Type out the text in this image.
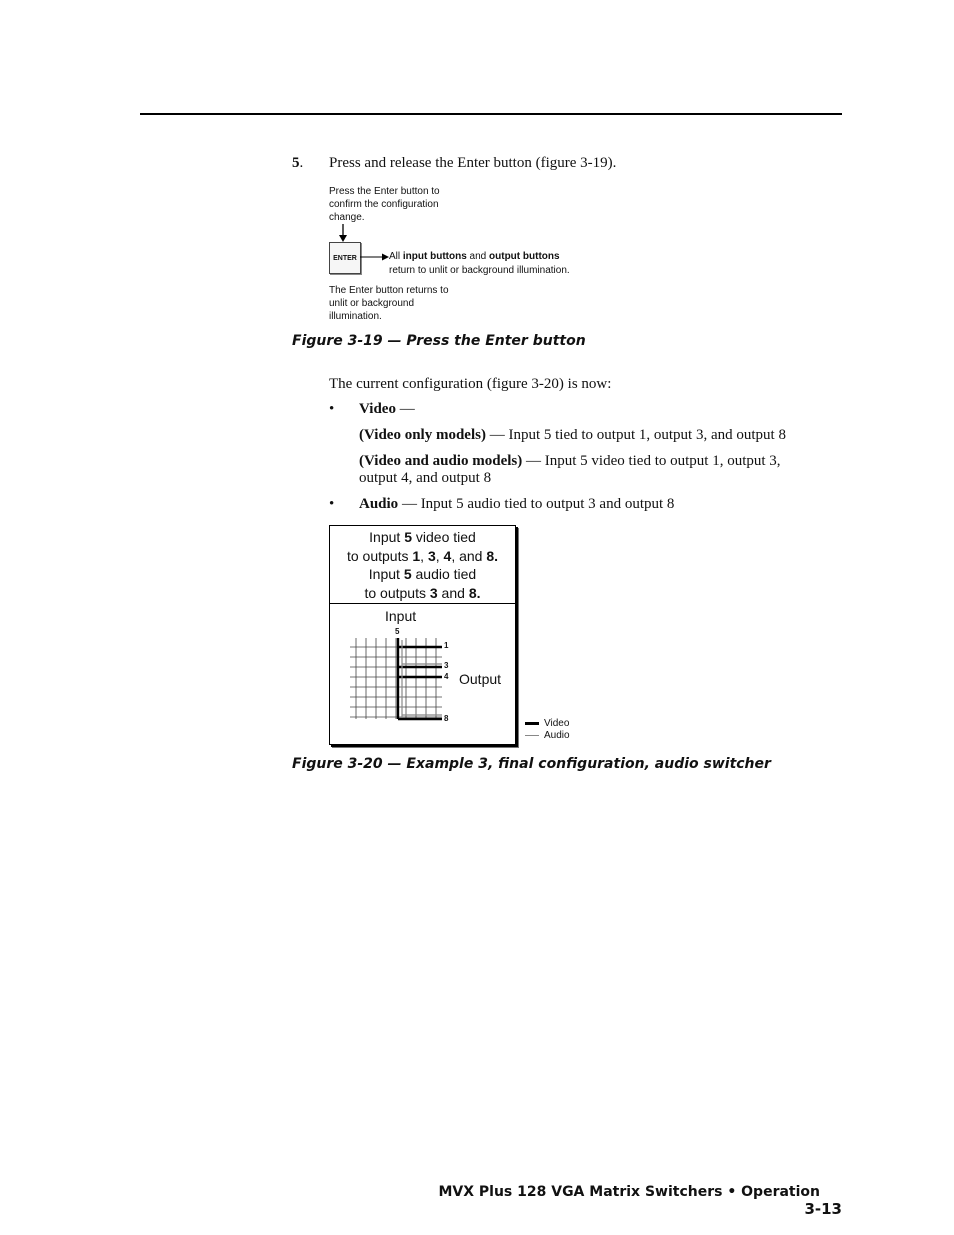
5. Press and release the Enter button (figure 3-19).
Press the Enter button to
confirm the configuration
change.
ENTER	All input buttons and output buttons
return to unlit or background illumination.
The Enter button returns to
unlit or background
illumination.
Figure 3-19 — Press the Enter button
The current configuration (figure 3-20) is now:
• Video —
(Video only models) — Input 5 tied to output 1, output 3, and output 8
(Video and audio models) — Input 5 video tied to output 1, output 3,
output 4, and output 8
• Audio — Input 5 audio tied to output 3 and output 8
Input 5 video tied
to outputs 1, 3, 4, and 8.
Input 5 audio tied
to outputs 3 and 8.
Input
Output
5
1
3
4
8	Video
Audio
Figure 3-20 — Example 3, final configuration, audio switcher
MVX Plus 128 VGA Matrix Switchers • Operation3-13
